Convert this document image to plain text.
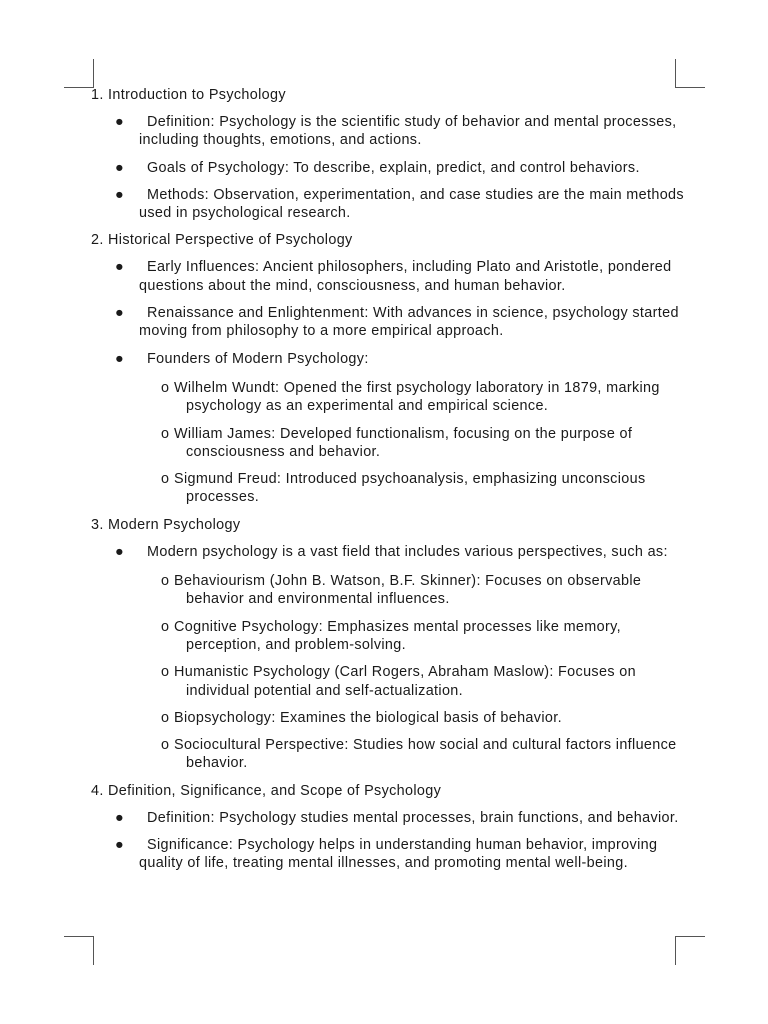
1. Introduction to Psychology

● Definition: Psychology is the scientific study of behavior and mental processes, including thoughts, emotions, and actions.
● Goals of Psychology: To describe, explain, predict, and control behaviors.
● Methods: Observation, experimentation, and case studies are the main methods used in psychological research.

2. Historical Perspective of Psychology

● Early Influences: Ancient philosophers, including Plato and Aristotle, pondered questions about the mind, consciousness, and human behavior.
● Renaissance and Enlightenment: With advances in science, psychology started moving from philosophy to a more empirical approach.
● Founders of Modern Psychology:
o Wilhelm Wundt: Opened the first psychology laboratory in 1879, marking psychology as an experimental and empirical science.
o William James: Developed functionalism, focusing on the purpose of consciousness and behavior.
o Sigmund Freud: Introduced psychoanalysis, emphasizing unconscious processes.

3. Modern Psychology

● Modern psychology is a vast field that includes various perspectives, such as:
o Behaviourism (John B. Watson, B.F. Skinner): Focuses on observable behavior and environmental influences.
o Cognitive Psychology: Emphasizes mental processes like memory, perception, and problem-solving.
o Humanistic Psychology (Carl Rogers, Abraham Maslow): Focuses on individual potential and self-actualization.
o Biopsychology: Examines the biological basis of behavior.
o Sociocultural Perspective: Studies how social and cultural factors influence behavior.

4. Definition, Significance, and Scope of Psychology

● Definition: Psychology studies mental processes, brain functions, and behavior.
● Significance: Psychology helps in understanding human behavior, improving quality of life, treating mental illnesses, and promoting mental well-being.
